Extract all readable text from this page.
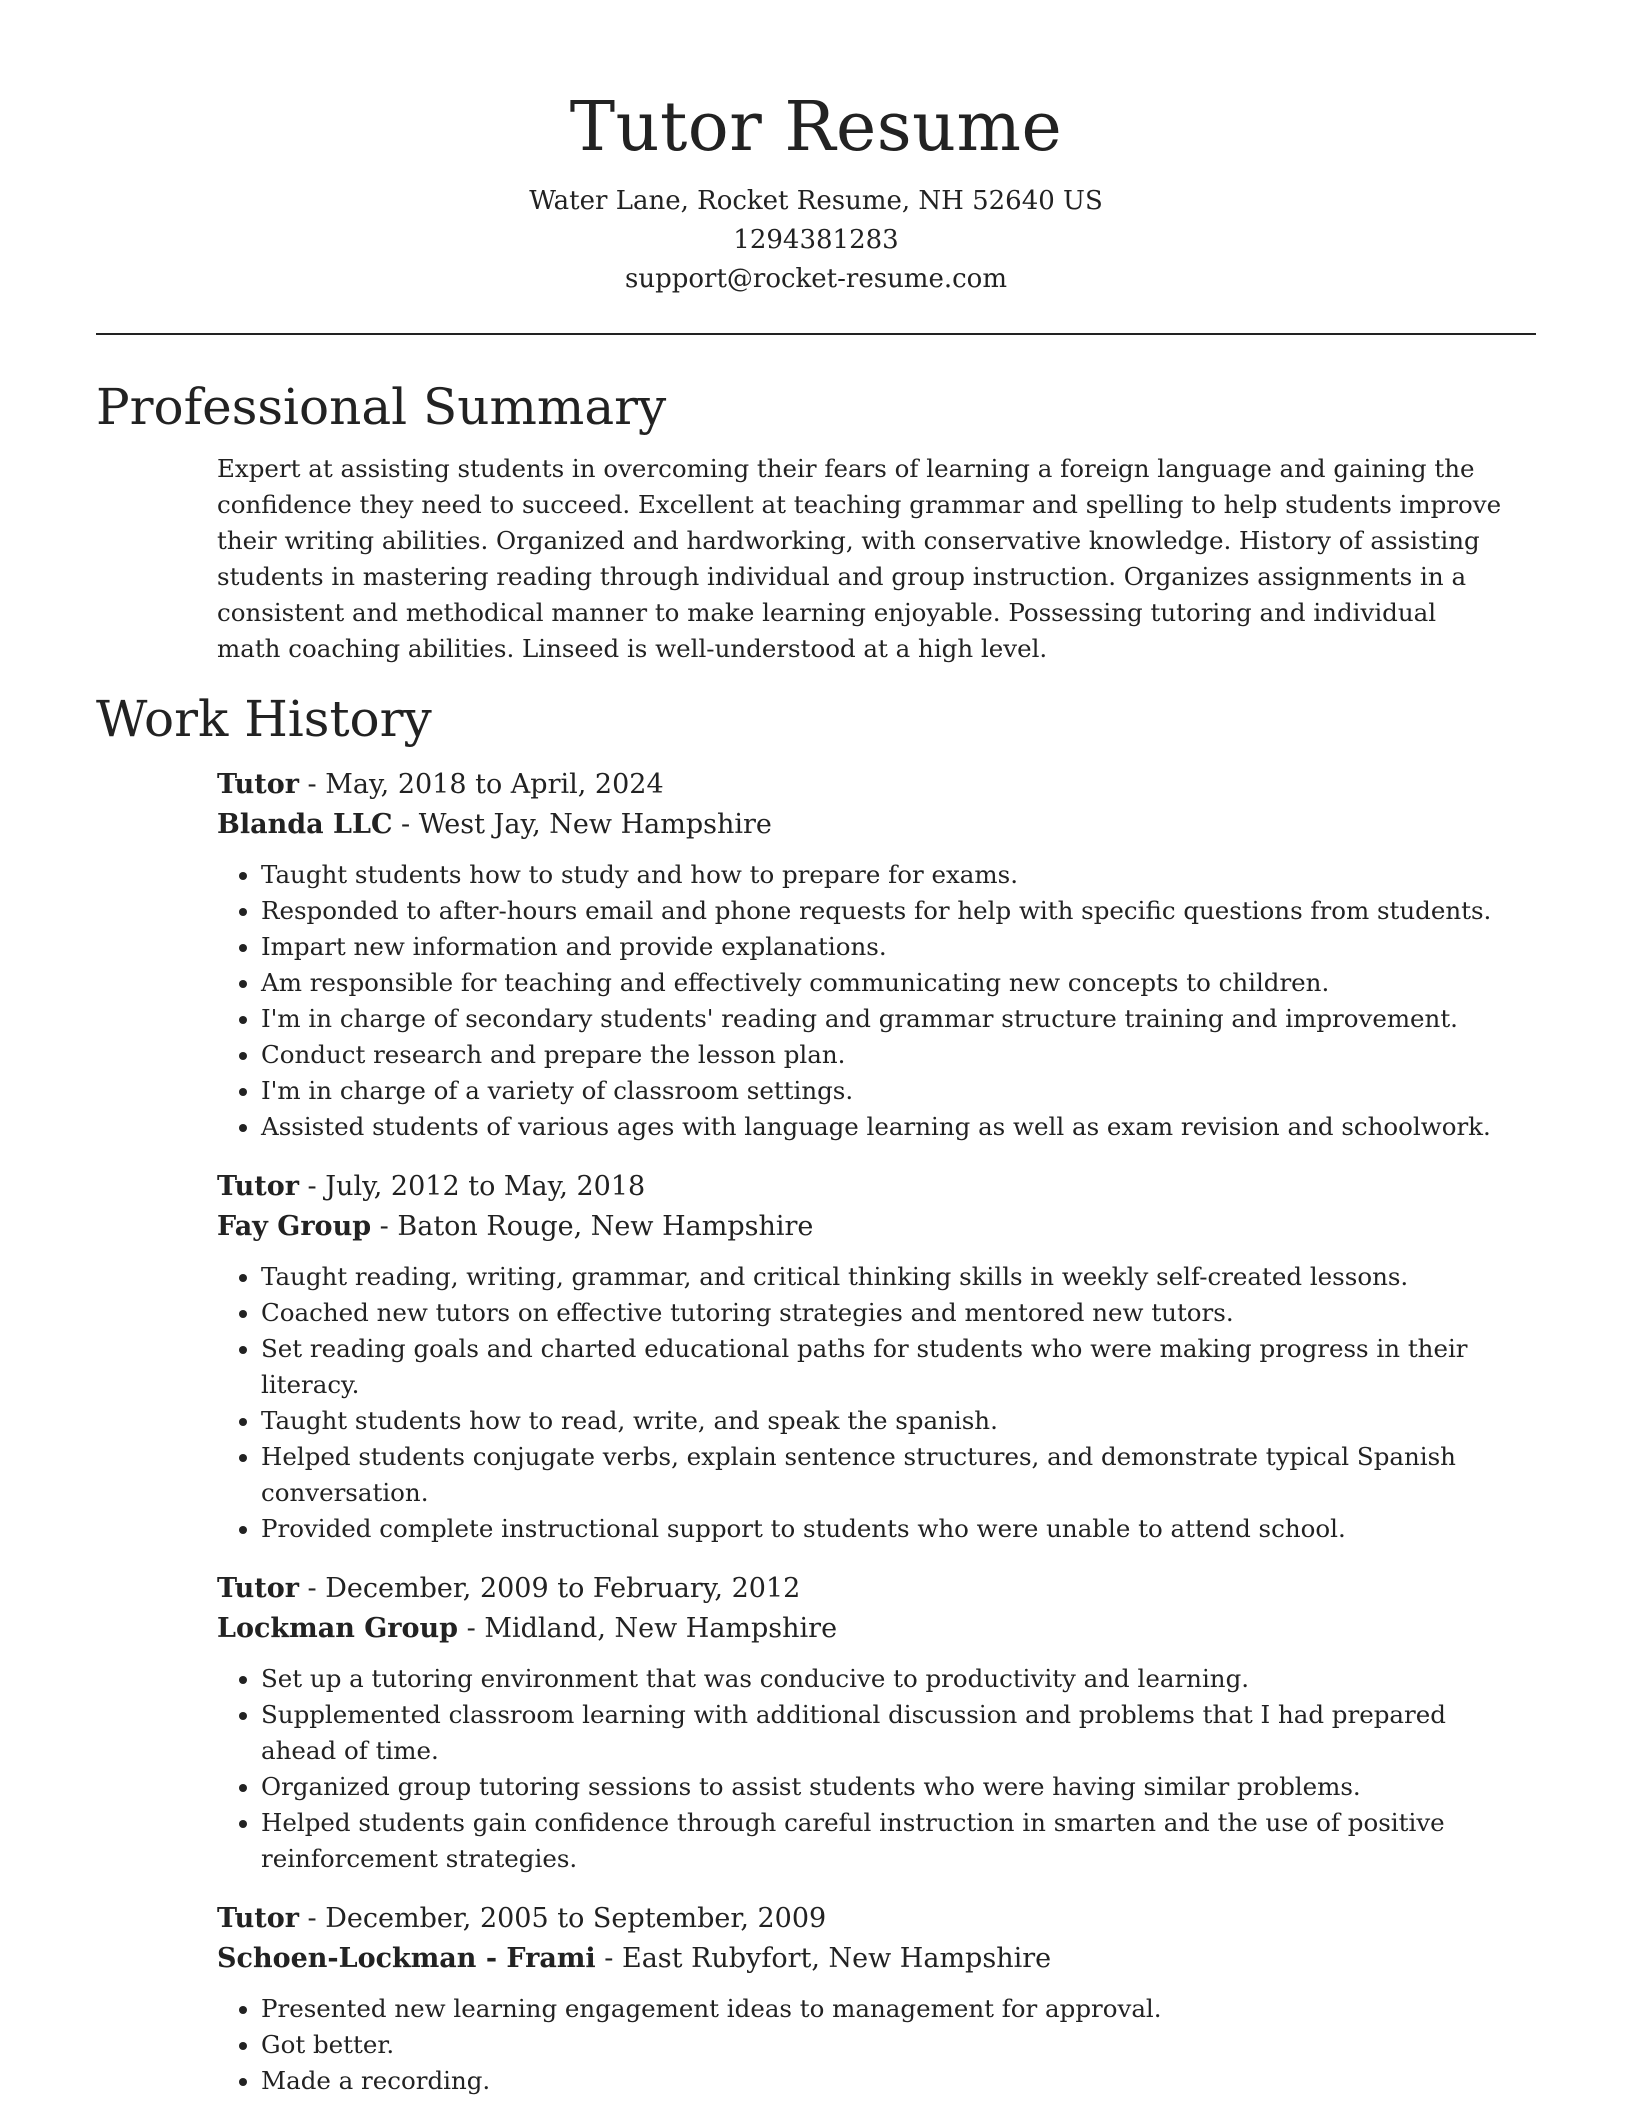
Tutor Resume
Water Lane, Rocket Resume, NH 52640 US
1294381283
support@rocket-resume.com
Professional Summary

Expert at assisting students in overcoming their fears of learning a foreign language and gaining the confidence they need to succeed. Excellent at teaching grammar and spelling to help students improve their writing abilities. Organized and hardworking, with conservative knowledge. History of assisting students in mastering reading through individual and group instruction. Organizes assignments in a consistent and methodical manner to make learning enjoyable. Possessing tutoring and individual math coaching abilities. Linseed is well-understood at a high level.

Work History
Tutor - May, 2018 to April, 2024
Blanda LLC - West Jay, New Hampshire
• Taught students how to study and how to prepare for exams.
• Responded to after-hours email and phone requests for help with specific questions from students.
• Impart new information and provide explanations.
• Am responsible for teaching and effectively communicating new concepts to children.
• I'm in charge of secondary students' reading and grammar structure training and improvement.
• Conduct research and prepare the lesson plan.
• I'm in charge of a variety of classroom settings.
• Assisted students of various ages with language learning as well as exam revision and schoolwork.
Tutor - July, 2012 to May, 2018
Fay Group - Baton Rouge, New Hampshire
• Taught reading, writing, grammar, and critical thinking skills in weekly self-created lessons.
• Coached new tutors on effective tutoring strategies and mentored new tutors.
• Set reading goals and charted educational paths for students who were making progress in their literacy.
• Taught students how to read, write, and speak the spanish.
• Helped students conjugate verbs, explain sentence structures, and demonstrate typical Spanish conversation.
• Provided complete instructional support to students who were unable to attend school.
Tutor - December, 2009 to February, 2012
Lockman Group - Midland, New Hampshire
• Set up a tutoring environment that was conducive to productivity and learning.
• Supplemented classroom learning with additional discussion and problems that I had prepared ahead of time.
• Organized group tutoring sessions to assist students who were having similar problems.
• Helped students gain confidence through careful instruction in smarten and the use of positive reinforcement strategies.
Tutor - December, 2005 to September, 2009
Schoen-Lockman - Frami - East Rubyfort, New Hampshire
• Presented new learning engagement ideas to management for approval.
• Got better.
• Made a recording.
